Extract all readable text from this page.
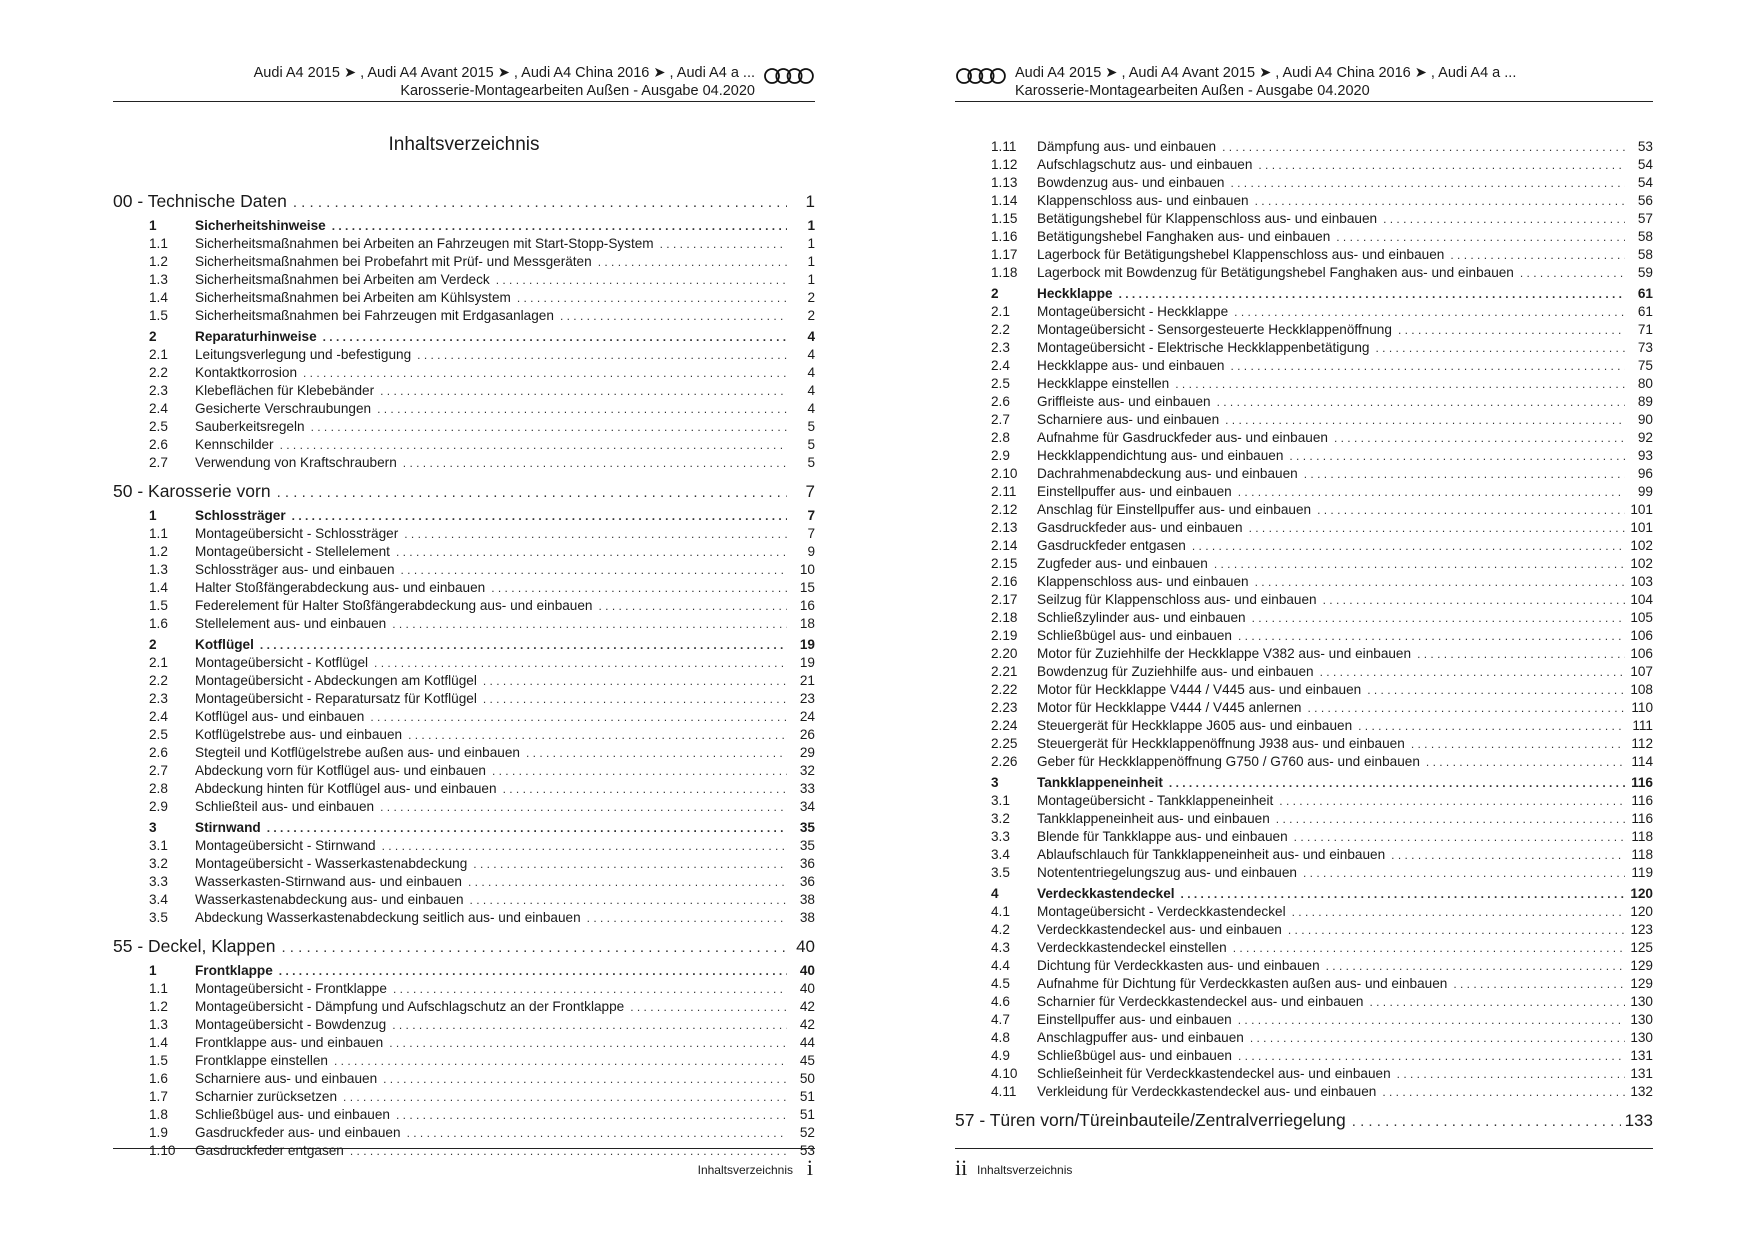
Audi A4 2015 ➤ , Audi A4 Avant 2015 ➤ , Audi A4 China 2016 ➤ , Audi A4 a ...
Karosserie-Montagearbeiten Außen - Ausgabe 04.2020
Inhaltsverzeichnis
00 - Technische Daten . . .	1
1	Sicherheitshinweise . . .	1
1.1	Sicherheitsmaßnahmen bei Arbeiten an Fahrzeugen mit Start-Stopp-System . . .	1
1.2	Sicherheitsmaßnahmen bei Probefahrt mit Prüf- und Messgeräten . . .	1
1.3	Sicherheitsmaßnahmen bei Arbeiten am Verdeck . . .	1
1.4	Sicherheitsmaßnahmen bei Arbeiten am Kühlsystem . . .	2
1.5	Sicherheitsmaßnahmen bei Fahrzeugen mit Erdgasanlagen . . .	2
2	Reparaturhinweise . . .	4
2.1	Leitungsverlegung und -befestigung . . .	4
2.2	Kontaktkorrosion . . .	4
2.3	Klebeflächen für Klebebänder . . .	4
2.4	Gesicherte Verschraubungen . . .	4
2.5	Sauberkeitsregeln . . .	5
2.6	Kennschilder . . .	5
2.7	Verwendung von Kraftschraubern . . .	5
50 - Karosserie vorn . . .	7
1	Schlossträger . . .	7
1.1	Montageübersicht - Schlossträger . . .	7
1.2	Montageübersicht - Stellelement . . .	9
1.3	Schlossträger aus- und einbauen . . .	10
1.4	Halter Stoßfängerabdeckung aus- und einbauen . . .	15
1.5	Federelement für Halter Stoßfängerabdeckung aus- und einbauen . . .	16
1.6	Stellelement aus- und einbauen . . .	18
2	Kotflügel . . .	19
2.1	Montageübersicht - Kotflügel . . .	19
2.2	Montageübersicht - Abdeckungen am Kotflügel . . .	21
2.3	Montageübersicht - Reparatursatz für Kotflügel . . .	23
2.4	Kotflügel aus- und einbauen . . .	24
2.5	Kotflügelstrebe aus- und einbauen . . .	26
2.6	Stegteil und Kotflügelstrebe außen aus- und einbauen . . .	29
2.7	Abdeckung vorn für Kotflügel aus- und einbauen . . .	32
2.8	Abdeckung hinten für Kotflügel aus- und einbauen . . .	33
2.9	Schließteil aus- und einbauen . . .	34
3	Stirnwand . . .	35
3.1	Montageübersicht - Stirnwand . . .	35
3.2	Montageübersicht - Wasserkastenabdeckung . . .	36
3.3	Wasserkasten-Stirnwand aus- und einbauen . . .	36
3.4	Wasserkastenabdeckung aus- und einbauen . . .	38
3.5	Abdeckung Wasserkastenabdeckung seitlich aus- und einbauen . . .	38
55 - Deckel, Klappen . . .	40
1	Frontklappe . . .	40
1.1	Montageübersicht - Frontklappe . . .	40
1.2	Montageübersicht - Dämpfung und Aufschlagschutz an der Frontklappe . . .	42
1.3	Montageübersicht - Bowdenzug . . .	42
1.4	Frontklappe aus- und einbauen . . .	44
1.5	Frontklappe einstellen . . .	45
1.6	Scharniere aus- und einbauen . . .	50
1.7	Scharnier zurücksetzen . . .	51
1.8	Schließbügel aus- und einbauen . . .	51
1.9	Gasdruckfeder aus- und einbauen . . .	52
1.10	Gasdruckfeder entgasen . . .	53
Inhaltsverzeichnis i
Audi A4 2015 ➤ , Audi A4 Avant 2015 ➤ , Audi A4 China 2016 ➤ , Audi A4 a ...
Karosserie-Montagearbeiten Außen - Ausgabe 04.2020
1.11	Dämpfung aus- und einbauen . . .	53
1.12	Aufschlagschutz aus- und einbauen . . .	54
1.13	Bowdenzug aus- und einbauen . . .	54
1.14	Klappenschloss aus- und einbauen . . .	56
1.15	Betätigungshebel für Klappenschloss aus- und einbauen . . .	57
1.16	Betätigungshebel Fanghaken aus- und einbauen . . .	58
1.17	Lagerbock für Betätigungshebel Klappenschloss aus- und einbauen . . .	58
1.18	Lagerbock mit Bowdenzug für Betätigungshebel Fanghaken aus- und einbauen . . .	59
2	Heckklappe . . .	61
2.1	Montageübersicht - Heckklappe . . .	61
2.2	Montageübersicht - Sensorgesteuerte Heckklappenöffnung . . .	71
2.3	Montageübersicht - Elektrische Heckklappenbetätigung . . .	73
2.4	Heckklappe aus- und einbauen . . .	75
2.5	Heckklappe einstellen . . .	80
2.6	Griffleiste aus- und einbauen . . .	89
2.7	Scharniere aus- und einbauen . . .	90
2.8	Aufnahme für Gasdruckfeder aus- und einbauen . . .	92
2.9	Heckklappendichtung aus- und einbauen . . .	93
2.10	Dachrahmenabdeckung aus- und einbauen . . .	96
2.11	Einstellpuffer aus- und einbauen . . .	99
2.12	Anschlag für Einstellpuffer aus- und einbauen . . .	101
2.13	Gasdruckfeder aus- und einbauen . . .	101
2.14	Gasdruckfeder entgasen . . .	102
2.15	Zugfeder aus- und einbauen . . .	102
2.16	Klappenschloss aus- und einbauen . . .	103
2.17	Seilzug für Klappenschloss aus- und einbauen . . .	104
2.18	Schließzylinder aus- und einbauen . . .	105
2.19	Schließbügel aus- und einbauen . . .	106
2.20	Motor für Zuziehhilfe der Heckklappe V382 aus- und einbauen . . .	106
2.21	Bowdenzug für Zuziehhilfe aus- und einbauen . . .	107
2.22	Motor für Heckklappe V444 / V445 aus- und einbauen . . .	108
2.23	Motor für Heckklappe V444 / V445 anlernen . . .	110
2.24	Steuergerät für Heckklappe J605 aus- und einbauen . . .	111
2.25	Steuergerät für Heckklappenöffnung J938 aus- und einbauen . . .	112
2.26	Geber für Heckklappenöffnung G750 / G760 aus- und einbauen . . .	114
3	Tankklappeneinheit . . .	116
3.1	Montageübersicht - Tankklappeneinheit . . .	116
3.2	Tankklappeneinheit aus- und einbauen . . .	116
3.3	Blende für Tankklappe aus- und einbauen . . .	118
3.4	Ablaufschlauch für Tankklappeneinheit aus- und einbauen . . .	118
3.5	Notententriegelungszug aus- und einbauen . . .	119
4	Verdeckkastendeckel . . .	120
4.1	Montageübersicht - Verdeckkastendeckel . . .	120
4.2	Verdeckkastendeckel aus- und einbauen . . .	123
4.3	Verdeckkastendeckel einstellen . . .	125
4.4	Dichtung für Verdeckkasten aus- und einbauen . . .	129
4.5	Aufnahme für Dichtung für Verdeckkasten außen aus- und einbauen . . .	129
4.6	Scharnier für Verdeckkastendeckel aus- und einbauen . . .	130
4.7	Einstellpuffer aus- und einbauen . . .	130
4.8	Anschlagpuffer aus- und einbauen . . .	130
4.9	Schließbügel aus- und einbauen . . .	131
4.10	Schließeinheit für Verdeckkastendeckel aus- und einbauen . . .	131
4.11	Verkleidung für Verdeckkastendeckel aus- und einbauen . . .	132
57 - Türen vorn/Türeinbauteile/Zentralverriegelung . . .	133
ii Inhaltsverzeichnis
